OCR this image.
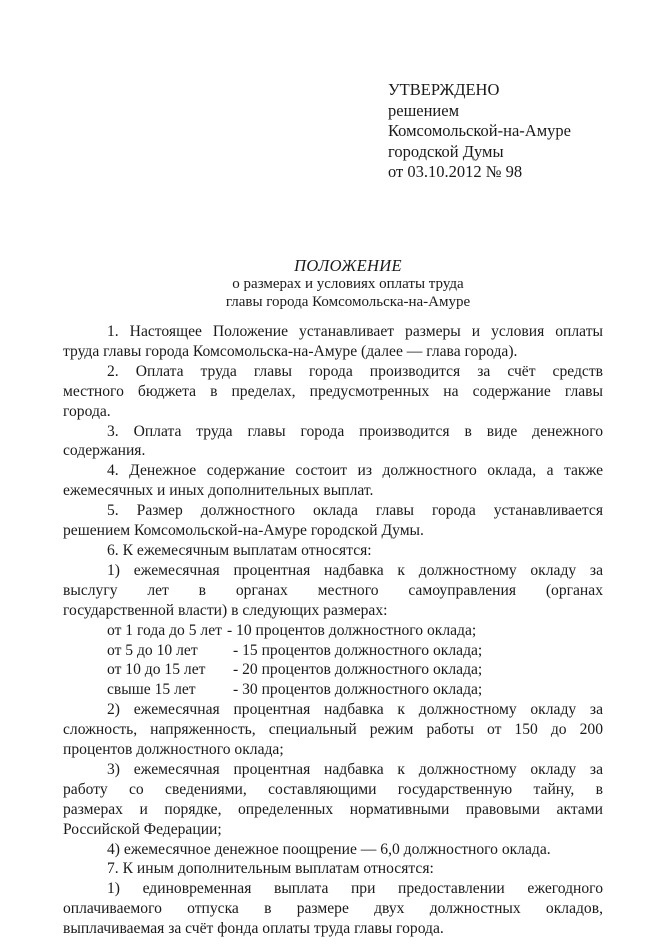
УТВЕРЖДЕНО
решением
Комсомольской-на-Амуре
городской Думы
от 03.10.2012 № 98
ПОЛОЖЕНИЕ
о размерах и условиях оплаты труда
главы города Комсомольска-на-Амуре
1. Настоящее Положение устанавливает размеры и условия оплаты
труда главы города Комсомольска-на-Амуре (далее — глава города).
2. Оплата труда главы города производится за счёт средств
местного бюджета в пределах, предусмотренных на содержание главы
города.
3. Оплата труда главы города производится в виде денежного
содержания.
4. Денежное содержание состоит из должностного оклада, а также
ежемесячных и иных дополнительных выплат.
5. Размер должностного оклада главы города устанавливается
решением Комсомольской-на-Амуре городской Думы.
6. К ежемесячным выплатам относятся:
1) ежемесячная процентная надбавка к должностному окладу за
выслугу лет в органах местного самоуправления (органах
государственной власти) в следующих размерах:
от 1 года до 5 лет - 10 процентов должностного оклада;
от 5 до 10 лет	- 15 процентов должностного оклада;
от 10 до 15 лет	- 20 процентов должностного оклада;
свыше 15 лет	- 30 процентов должностного оклада;
2) ежемесячная процентная надбавка к должностному окладу за
сложность, напряженность, специальный режим работы от 150 до 200
процентов должностного оклада;
3) ежемесячная процентная надбавка к должностному окладу за
работу со сведениями, составляющими государственную тайну, в
размерах и порядке, определенных нормативными правовыми актами
Российской Федерации;
4) ежемесячное денежное поощрение — 6,0 должностного оклада.
7. К иным дополнительным выплатам относятся:
1) единовременная выплата при предоставлении ежегодного
оплачиваемого отпуска в размере двух должностных окладов,
выплачиваемая за счёт фонда оплаты труда главы города.
